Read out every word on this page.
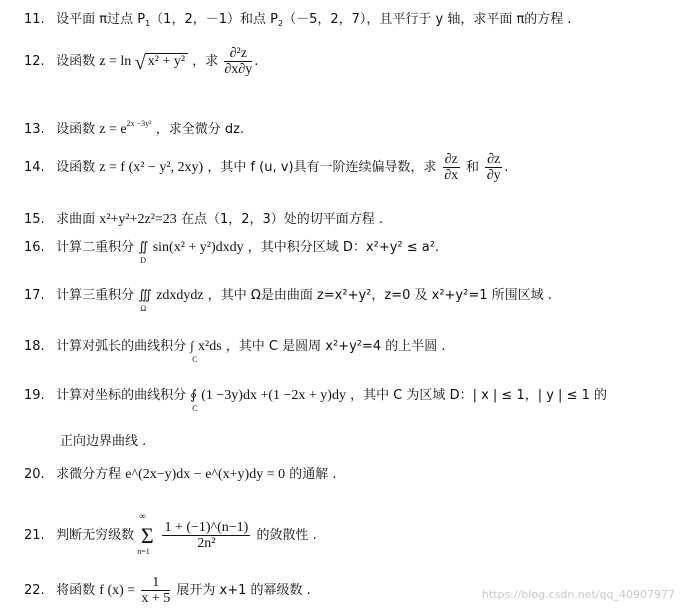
11. 设平面 π过点 $P_1(1$，2，－1）和点 $P_2(-5$，2，7），且平行于 y 轴，求平面 π的方程 .
12. 设函数 z = ln √ x² + y² ，求 $\frac{\text{∂²z}}{\partial x\partial y}$ .
13. 设函数 $z = e^{2x -3y^2}$ ，求全微分 dz.
14. 设函数 z = f (x² − y², 2xy) ，其中 f (u, v)具有一阶连续偏导数，求 $\frac{\partial z}{\partial x}$ 和 $\frac{\partial z}{\partial y}$ .
15. 求曲面 x²+y²+2z²=23 在点（1，2，3）处的切平面方程 .
16. 计算二重积分 ∬
D
sin(x² + y²)dxdy ，其中积分区域 D：x²+y² ≤ a².
17. 计算三重积分 ∭
Ω
zdxdydz ，其中 Ω是由曲面 z=x²+y²，z=0 及 x²+y²=1 所围区域 .
18. 计算对弧长的曲线积分 ∫
C
x²ds ，其中 C 是圆周 x²+y²=4 的上半圆 .
19. 计算对坐标的曲线积分 ∮
C
(1 −3y)dx +(1 −2x + y)dy ，其中 C 为区域 D：| x | ≤ 1，| y | ≤ 1 的
正向边界曲线 .
20. 求微分方程 e^(2x−y)dx − e^(x+y)dy = 0 的通解 .
21. 判断无穷级数 Σ
∞
n=1

$\frac{1 + (-1)\^{}(n-1)}{\text{2n²}}$ 的敛散性 .
22. 将函数 f $(x) = \frac{1}{x + 5}$ 展开为 x+1 的幂级数 .	https://blog.csdn.net/qq_40907977
